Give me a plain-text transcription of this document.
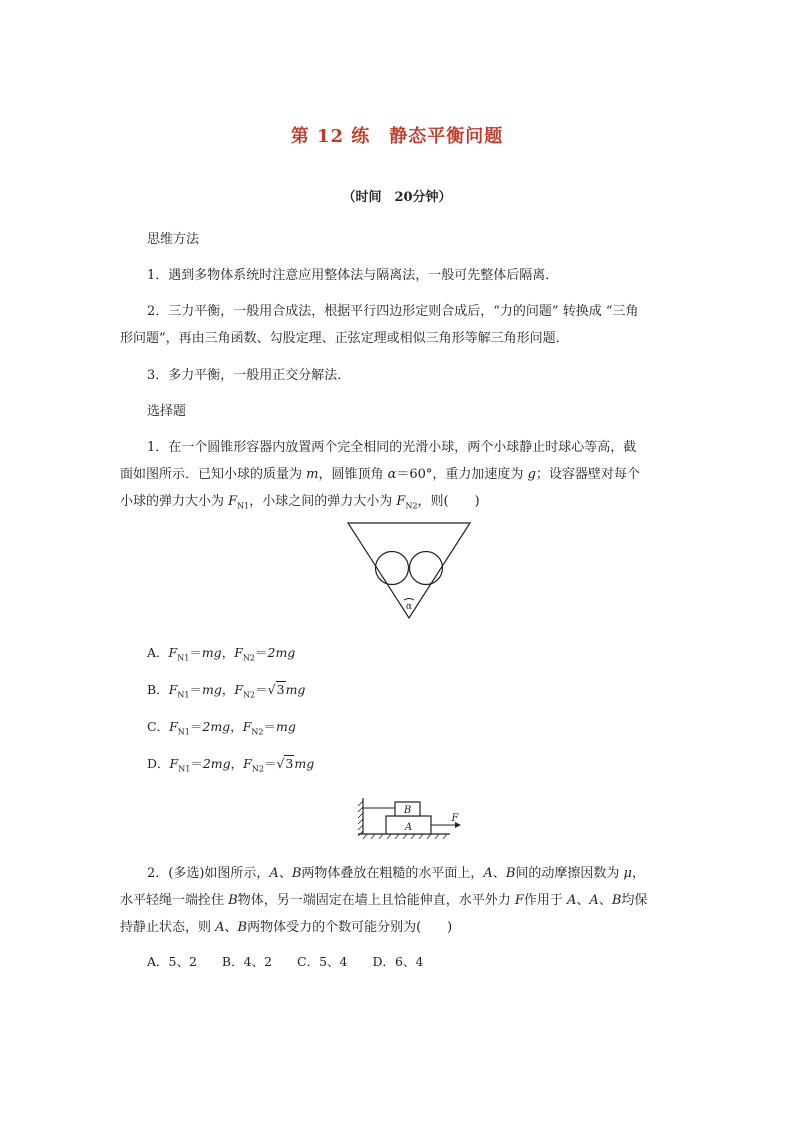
第 12 练　静态平衡问题
（时间　20分钟）
思维方法
1．遇到多物体系统时注意应用整体法与隔离法，一般可先整体后隔离．
2．三力平衡，一般用合成法，根据平行四边形定则合成后，“力的问题” 转换成 “三角
形问题”，再由三角函数、勾股定理、正弦定理或相似三角形等解三角形问题．
3．多力平衡，一般用正交分解法．
选择题
1．在一个圆锥形容器内放置两个完全相同的光滑小球，两个小球静止时球心等高，截
面如图所示．已知小球的质量为 m，圆锥顶角 α＝60°，重力加速度为 g；设容器壁对每个
小球的弹力大小为 $F_{N1}$，小球之间的弹力大小为 $F_{N2}$，则(　　)
α
A．$F_{N1}=mg$，$F_{N2}=2mg$
B．$F_{N1}=mg$，$F_{N2}=√3mg$
C．$F_{N1}=2mg$，$F_{N2}=mg$
D．$F_{N1}=2mg$，$F_{N2}=√3mg$
B
A
F
2．(多选)如图所示，A、B两物体叠放在粗糙的水平面上，A、B间的动摩擦因数为 μ，
水平轻绳一端拴住 B物体，另一端固定在墙上且恰能伸直，水平外力 F作用于 A、A、B均保
持静止状态，则 A、B两物体受力的个数可能分别为(　　)
A．5、2　　B．4、2　　C．5、4　　D．6、4
